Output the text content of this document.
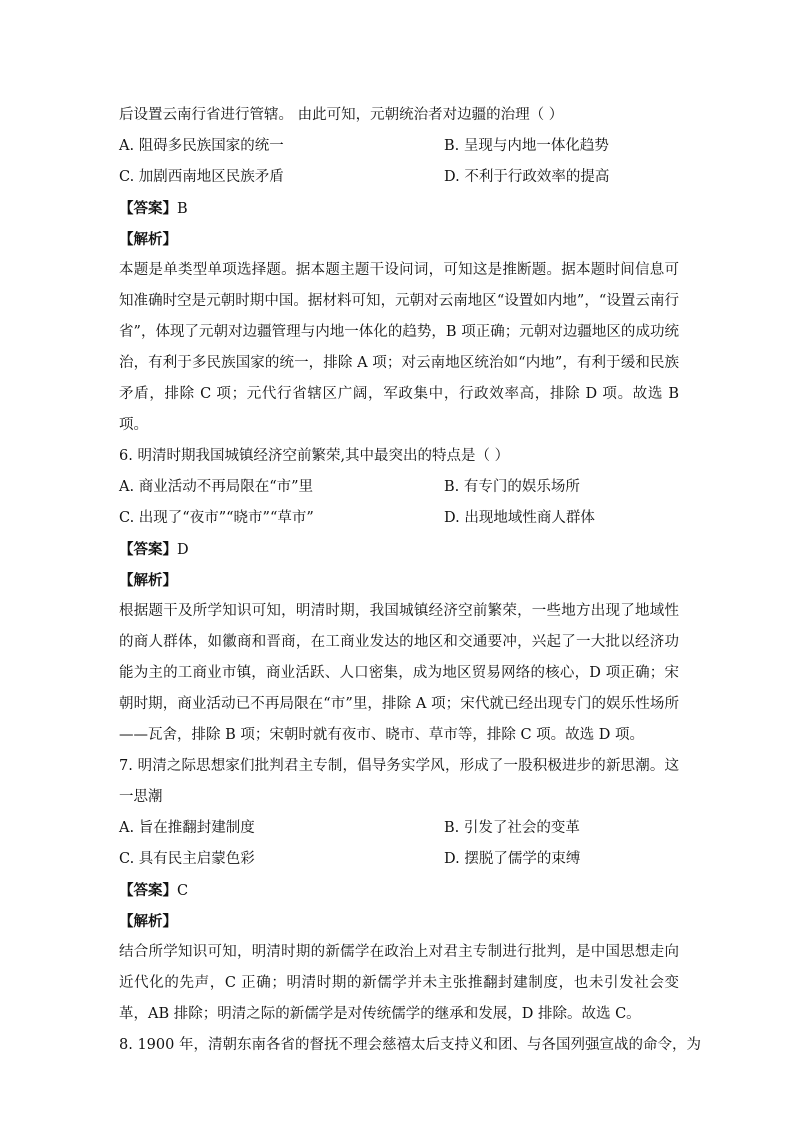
后设置云南行省进行管辖。 由此可知，元朝统治者对边疆的治理（ ）
A. 阻碍多民族国家的统一	B. 呈现与内地一体化趋势
C. 加剧西南地区民族矛盾	D. 不利于行政效率的提高
【答案】B
【解析】
本题是单类型单项选择题。据本题主题干设问词，可知这是推断题。据本题时间信息可知准确时空是元朝时期中国。据材料可知，元朝对云南地区“设置如内地”，“设置云南行省”，体现了元朝对边疆管理与内地一体化的趋势，B 项正确；元朝对边疆地区的成功统治，有利于多民族国家的统一，排除 A 项；对云南地区统治如“内地”，有利于缓和民族矛盾，排除 C 项；元代行省辖区广阔，军政集中，行政效率高，排除 D 项。故选 B 项。
6. 明清时期我国城镇经济空前繁荣,其中最突出的特点是（ ）
A. 商业活动不再局限在“市”里	B. 有专门的娱乐场所
C. 出现了“夜市”“晓市”“草市”	D. 出现地域性商人群体
【答案】D
【解析】
根据题干及所学知识可知，明清时期，我国城镇经济空前繁荣，一些地方出现了地域性的商人群体，如徽商和晋商，在工商业发达的地区和交通要冲，兴起了一大批以经济功能为主的工商业市镇，商业活跃、人口密集，成为地区贸易网络的核心，D 项正确；宋朝时期，商业活动已不再局限在“市”里，排除 A 项；宋代就已经出现专门的娱乐性场所——瓦舍，排除 B 项；宋朝时就有夜市、晓市、草市等，排除 C 项。故选 D 项。
7. 明清之际思想家们批判君主专制，倡导务实学风，形成了一股积极进步的新思潮。这一思潮
A. 旨在推翻封建制度	B. 引发了社会的变革
C. 具有民主启蒙色彩	D. 摆脱了儒学的束缚
【答案】C
【解析】
结合所学知识可知，明清时期的新儒学在政治上对君主专制进行批判，是中国思想走向近代化的先声，C 正确；明清时期的新儒学并未主张推翻封建制度，也未引发社会变革，AB 排除；明清之际的新儒学是对传统儒学的继承和发展，D 排除。故选 C。
8. 1900 年，清朝东南各省的督抚不理会慈禧太后支持义和团、与各国列强宣战的命令，为
